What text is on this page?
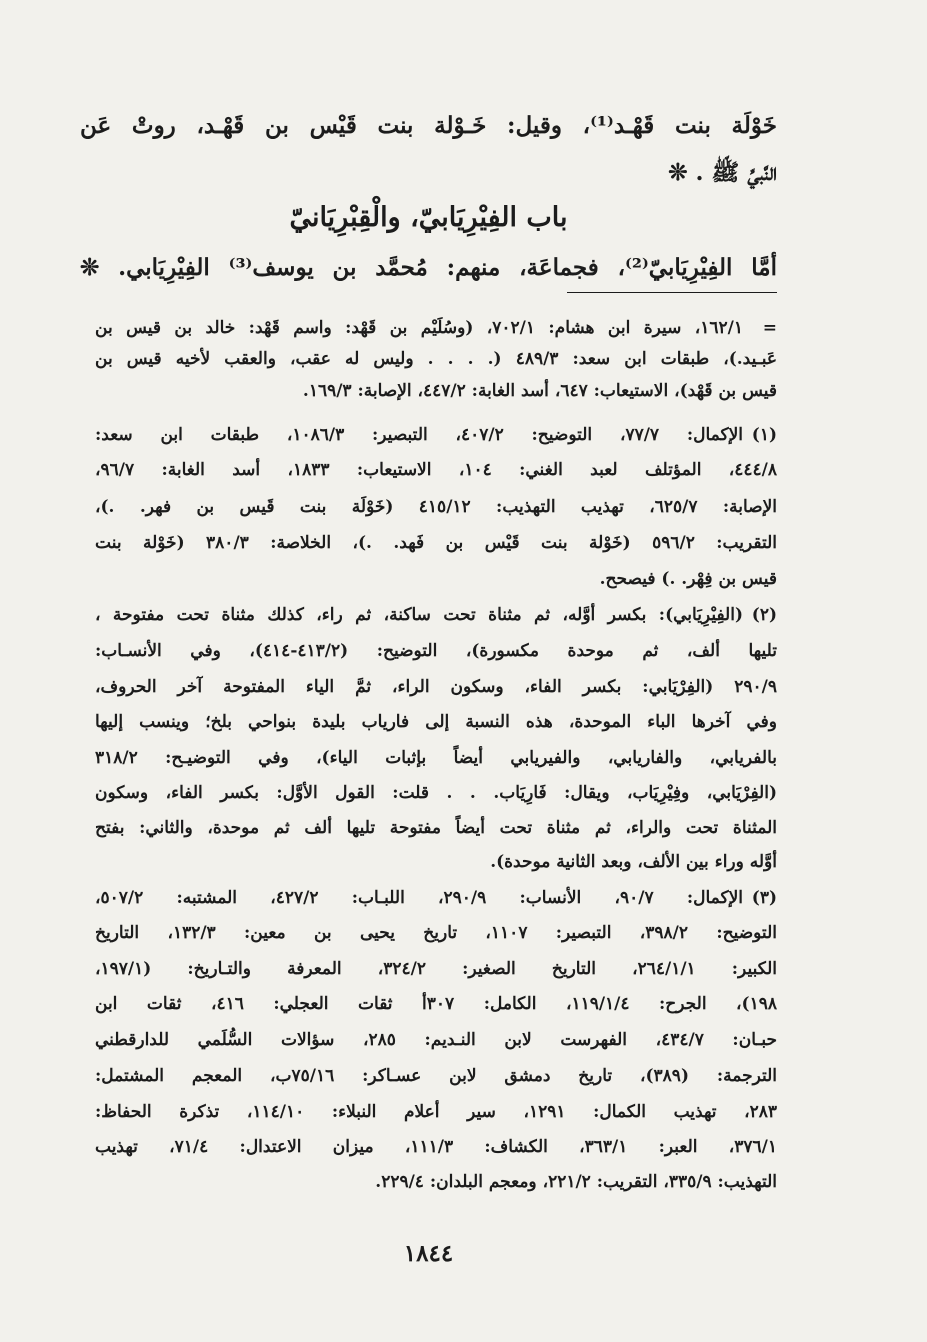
خَوْلَة بنت قَهْـد⁽¹⁾، وقيل: خَـوْلة بنت قَيْس بن قَهْـد، روتْ عَن
النَّبيِّ ﷺ . ❊
باب الفِيْرِيَابيّ، والْقِبْرِيَانيّ
أمَّا الفِيْرِيَابيّ⁽²⁾، فجماعَة، منهم: مُحمَّد بن يوسف⁽³⁾ الفِيْرِيَابي. ❊
=
١٦٢/١، سيرة ابن هشام: ٧٠٢/١، (وسُلَيْم بن قَهْد: واسم قَهْد: خالد بن قيس بن
عَبـيد.)، طبقات ابن سعد: ٤٨٩/٣ (. . . . وليس له عقب، والعقب لأخيه قيس بن
قيس بن قَهْد)، الاستيعاب: ٦٤٧، أسد الغابة: ٤٤٧/٢، الإصابة: ١٦٩/٣.
(١)
الإكمال: ٧٧/٧، التوضيح: ٤٠٧/٢، التبصير: ١٠٨٦/٣، طبقات ابن سعد:
٤٤٤/٨، المؤتلف لعبد الغني: ١٠٤، الاستيعاب: ١٨٣٣، أسد الغابة: ٩٦/٧،
الإصابة: ٦٢٥/٧، تهذيب التهذيب: ٤١٥/١٢ (خَوْلَة بنت قَيس بن فهر. .)،
التقريب: ٥٩٦/٢ (خَوْلة بنت قَيْس بن فَهد. .)، الخلاصة: ٣٨٠/٣ (خَوْلة بنت
قيس بن فِهْر. .) فيصحح.
(٢)
(الفِيْرِيَابي): بكسر أوَّله، ثم مثناة تحت ساكنة، ثم راء، كذلك مثناة تحت مفتوحة ،
تليها ألف، ثم موحدة مكسورة)، التوضيح: (٤١٣/٢-٤١٤)، وفي الأنسـاب:
٢٩٠/٩ (الفِرْيَابي: بكسر الفاء، وسكون الراء، ثمَّ الياء المفتوحة آخر الحروف،
وفي آخرها الباء الموحدة، هذه النسبة إلى فارياب بليدة بنواحي بلخ؛ وينسب إليها
بالفريابي، والفاريابي، والفيريابي أيضاً بإثبات الياء)، وفي التوضيـح: ٣١٨/٢
(الفِرْيَابي، وفِيْرِيَاب، ويقال: فَارِيَاب. . . قلت: القول الأوَّل: بكسر الفاء، وسكون
المثناة تحت والراء، ثم مثناة تحت أيضاً مفتوحة تليها ألف ثم موحدة، والثاني: بفتح
أوَّله وراء بين الألف، وبعد الثانية موحدة).
(٣)
الإكمال: ٩٠/٧، الأنساب: ٢٩٠/٩، اللبـاب: ٤٢٧/٢، المشتبه: ٥٠٧/٢،
التوضيح: ٣٩٨/٢، التبصير: ١١٠٧، تاريخ يحيى بن معين: ١٣٢/٣، التاريخ
الكبير: ٢٦٤/١/١، التاريخ الصغير: ٣٢٤/٢، المعرفة والتـاريخ: (١٩٧/١،
١٩٨)، الجرح: ١١٩/١/٤، الكامل: ٣٠٧أ ثقات العجلي: ٤١٦، ثقات ابن
حبـان: ٤٣٤/٧، الفهرست لابن النـديم: ٢٨٥، سؤالات السُّلَمي للدارقطني
الترجمة: (٣٨٩)، تاريخ دمشق لابن عسـاكر: ٧٥/١٦ب، المعجم المشتمل:
٢٨٣، تهذيب الكمال: ١٢٩١، سير أعلام النبلاء: ١١٤/١٠، تذكرة الحفاظ:
٣٧٦/١، العبر: ٣٦٣/١، الكشاف: ١١١/٣، ميزان الاعتدال: ٧١/٤، تهذيب
التهذيب: ٣٣٥/٩، التقريب: ٢٢١/٢، ومعجم البلدان: ٢٢٩/٤.
١٨٤٤
